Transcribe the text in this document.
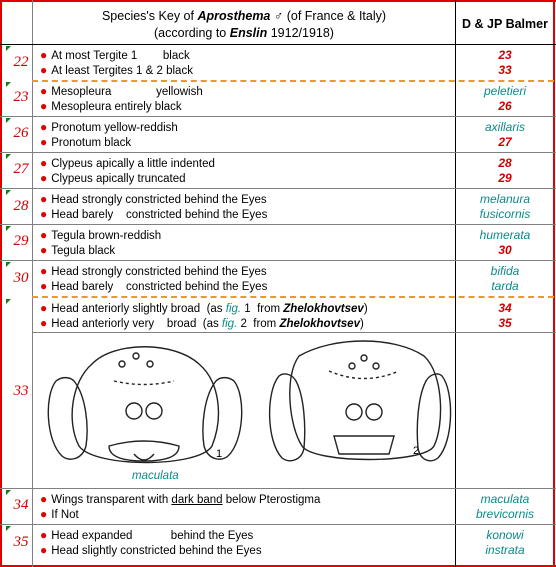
Species's Key of Aprosthema ♂ (of France & Italy)
(according to Enslin 1912/1918)
D & JP Balmer
22 ● At most Tergite 1        black
● At least Tergites 1 & 2 black
23
33
23 ● Mesopleura              yellowish
● Mesopleura entirely black
peletieri
26
26 ● Pronotum yellow-reddish
● Pronotum black
axillaris
27
27 ● Clypeus apically a little indented
● Clypeus apically truncated
28
29
28 ● Head strongly constricted behind the Eyes
● Head barely    constricted behind the Eyes
melanura
fusicornis
29 ● Tegula brown-reddish
● Tegula black
humerata
30
30 ● Head strongly constricted behind the Eyes
● Head barely    constricted behind the Eyes
bifida
tarda
33
● Head anteriorly slightly broad  (as fig. 1  from Zhelokhovtsev)
● Head anteriorly very    broad  (as fig. 2  from Zhelokhovtsev)
34
35
1	2
maculata
34 ● Wings transparent with dark band below Pterostigma
● If Not
maculata
brevicornis
35 ● Head expanded            behind the Eyes
● Head slightly constricted behind the Eyes
konowi
instrata
